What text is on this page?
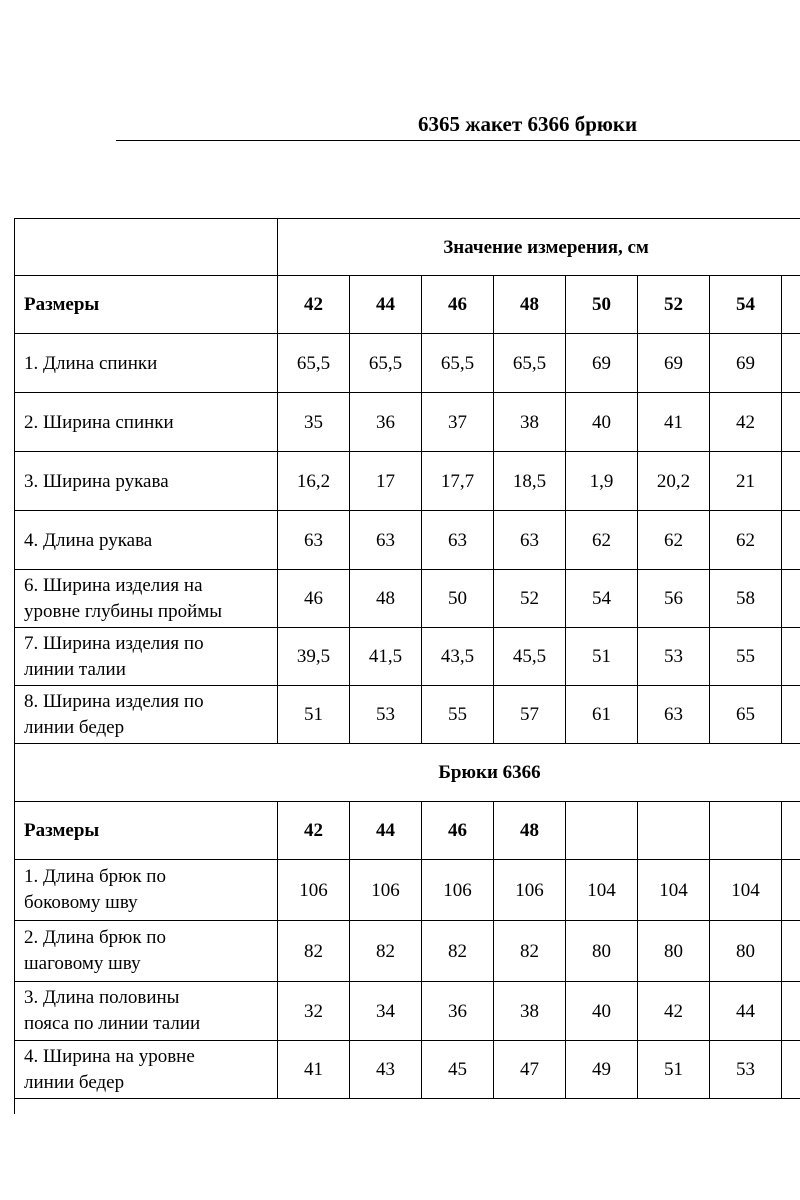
6365 жакет 6366 брюки
	Значение измерения, см							
Размеры	42	44	46	48	50	52	54	
1. Длина спинки	65,5	65,5	65,5	65,5	69	69	69	
2. Ширина спинки	35	36	37	38	40	41	42	
3. Ширина рукава	16,2	17	17,7	18,5	1,9	20,2	21	
4. Длина рукава	63	63	63	63	62	62	62	

6. Ширина изделия на
уровне глубины проймы	46	48	50	52	54	56	58	

7. Ширина изделия по
линии талии	39,5	41,5	43,5	45,5	51	53	55	

8. Ширина изделия по
линии бедер	51	53	55	57	61	63	65	
Брюки 6366								
Размеры	42	44	46	48				

1. Длина брюк по
боковому шву	106	106	106	106	104	104	104	

2. Длина брюк по
шаговому шву	82	82	82	82	80	80	80	

3. Длина половины
пояса по линии талии	32	34	36	38	40	42	44	

4. Ширина на уровне
линии бедер	41	43	45	47	49	51	53	
